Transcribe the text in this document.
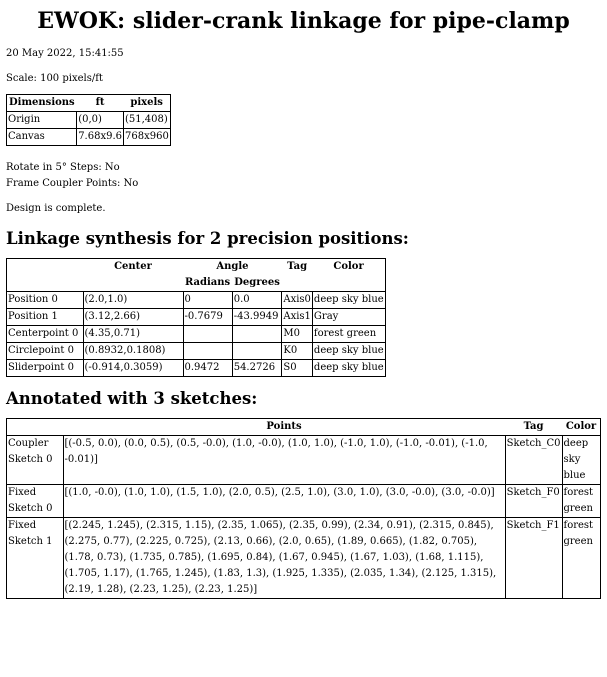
EWOK: slider-crank linkage for pipe-clamp

20 May 2022, 15:41:55

Scale: 100 pixels/ft

Dimensions	ft	pixels
Origin	(0,0)	(51,408)
Canvas	7.68x9.6	768x960

Rotate in 5° Steps: No

Frame Coupler Points: No

Design is complete.

Linkage synthesis for 2 precision positions:
	Center	Angle		Tag	Color
		Radians	Degrees		
Position 0	(2.0,1.0)	0	0.0	Axis0	deep sky blue
Position 1	(3.12,2.66)	-0.7679	-43.9949	Axis1	Gray
Centerpoint 0	(4.35,0.71)			M0	forest green
Circlepoint 0	(0.8932,0.1808)			K0	deep sky blue
Sliderpoint 0	(-0.914,0.3059)	0.9472	54.2726	S0	deep sky blue
Annotated with 3 sketches:
	Points	Tag	Color
Coupler Sketch 0	[(-0.5, 0.0), (0.0, 0.5), (0.5, -0.0), (1.0, -0.0), (1.0, 1.0), (-1.0, 1.0), (-1.0, -0.01), (-1.0, -0.01)]	Sketch_C0	deep sky blue
Fixed Sketch 0	[(1.0, -0.0), (1.0, 1.0), (1.5, 1.0), (2.0, 0.5), (2.5, 1.0), (3.0, 1.0), (3.0, -0.0), (3.0, -0.0)]	Sketch_F0	forest green
Fixed Sketch 1	[(2.245, 1.245), (2.315, 1.15), (2.35, 1.065), (2.35, 0.99), (2.34, 0.91), (2.315, 0.845), (2.275, 0.77), (2.225, 0.725), (2.13, 0.66), (2.0, 0.65), (1.89, 0.665), (1.82, 0.705), (1.78, 0.73), (1.735, 0.785), (1.695, 0.84), (1.67, 0.945), (1.67, 1.03), (1.68, 1.115), (1.705, 1.17), (1.765, 1.245), (1.83, 1.3), (1.925, 1.335), (2.035, 1.34), (2.125, 1.315), (2.19, 1.28), (2.23, 1.25), (2.23, 1.25)]	Sketch_F1	forest green
